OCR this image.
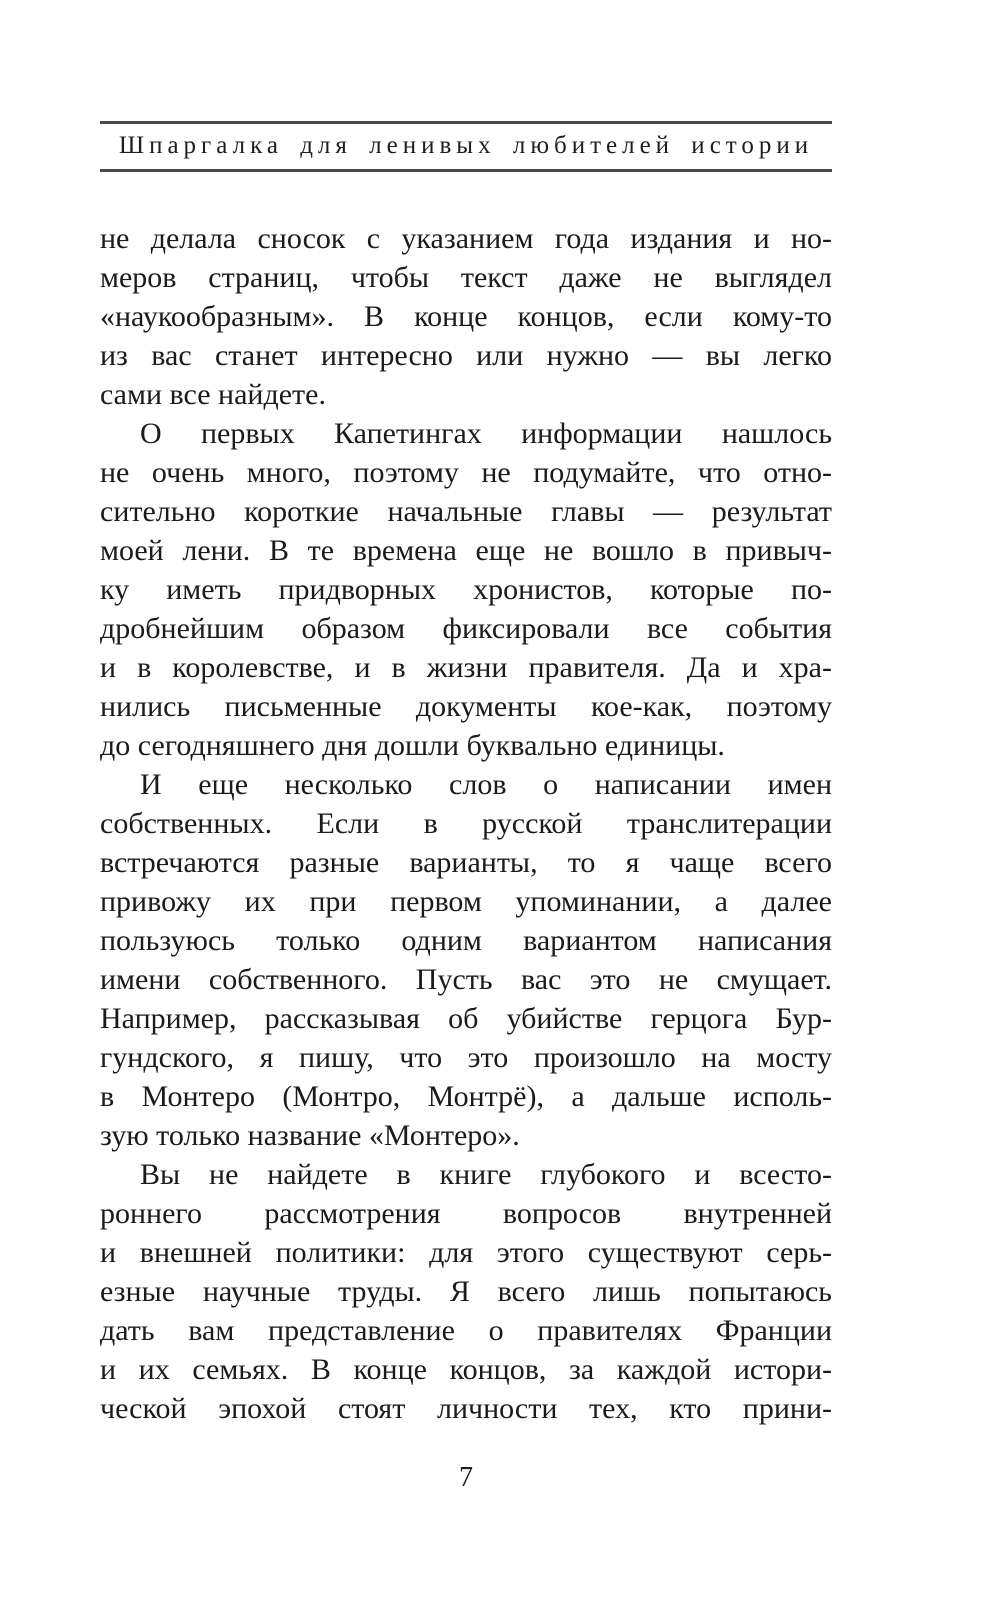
Шпаргалка для ленивых любителей истории
не делала сносок с указанием года издания и но-
меров страниц, чтобы текст даже не выглядел
«наукообразным». В конце концов, если кому-то
из вас станет интересно или нужно — вы легко
сами все найдете.
О первых Капетингах информации нашлось
не очень много, поэтому не подумайте, что отно-
сительно короткие начальные главы — результат
моей лени. В те времена еще не вошло в привыч-
ку иметь придворных хронистов, которые по-
дробнейшим образом фиксировали все события
и в королевстве, и в жизни правителя. Да и хра-
нились письменные документы кое-как, поэтому
до сегодняшнего дня дошли буквально единицы.
И еще несколько слов о написании имен
собственных. Если в русской транслитерации
встречаются разные варианты, то я чаще всего
привожу их при первом упоминании, а далее
пользуюсь только одним вариантом написания
имени собственного. Пусть вас это не смущает.
Например, рассказывая об убийстве герцога Бур-
гундского, я пишу, что это произошло на мосту
в Монтеро (Монтро, Монтрё), а дальше исполь-
зую только название «Монтеро».
Вы не найдете в книге глубокого и всесто-
роннего рассмотрения вопросов внутренней
и внешней политики: для этого существуют серь-
езные научные труды. Я всего лишь попытаюсь
дать вам представление о правителях Франции
и их семьях. В конце концов, за каждой истори-
ческой эпохой стоят личности тех, кто прини-
7
